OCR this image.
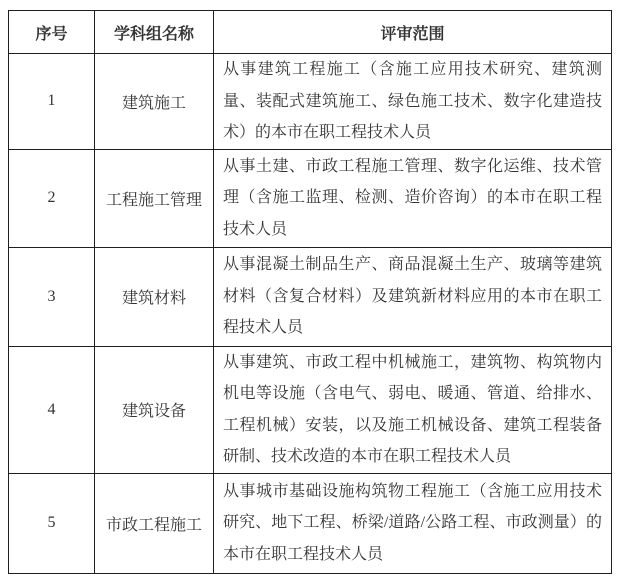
序号	学科组名称	评审范围
1	建筑施工	从事建筑工程施工（含施工应用技术研究、建筑测量、装配式建筑施工、绿色施工技术、数字化建造技术）的本市在职工程技术人员
2	工程施工管理	从事土建、市政工程施工管理、数字化运维、技术管理（含施工监理、检测、造价咨询）的本市在职工程技术人员
3	建筑材料	从事混凝土制品生产、商品混凝土生产、玻璃等建筑材料（含复合材料）及建筑新材料应用的本市在职工程技术人员
4	建筑设备	从事建筑、市政工程中机械施工，建筑物、构筑物内机电等设施（含电气、弱电、暖通、管道、给排水、工程机械）安装，以及施工机械设备、建筑工程装备研制、技术改造的本市在职工程技术人员
5	市政工程施工	从事城市基础设施构筑物工程施工（含施工应用技术研究、地下工程、桥梁/道路/公路工程、市政测量）的本市在职工程技术人员
